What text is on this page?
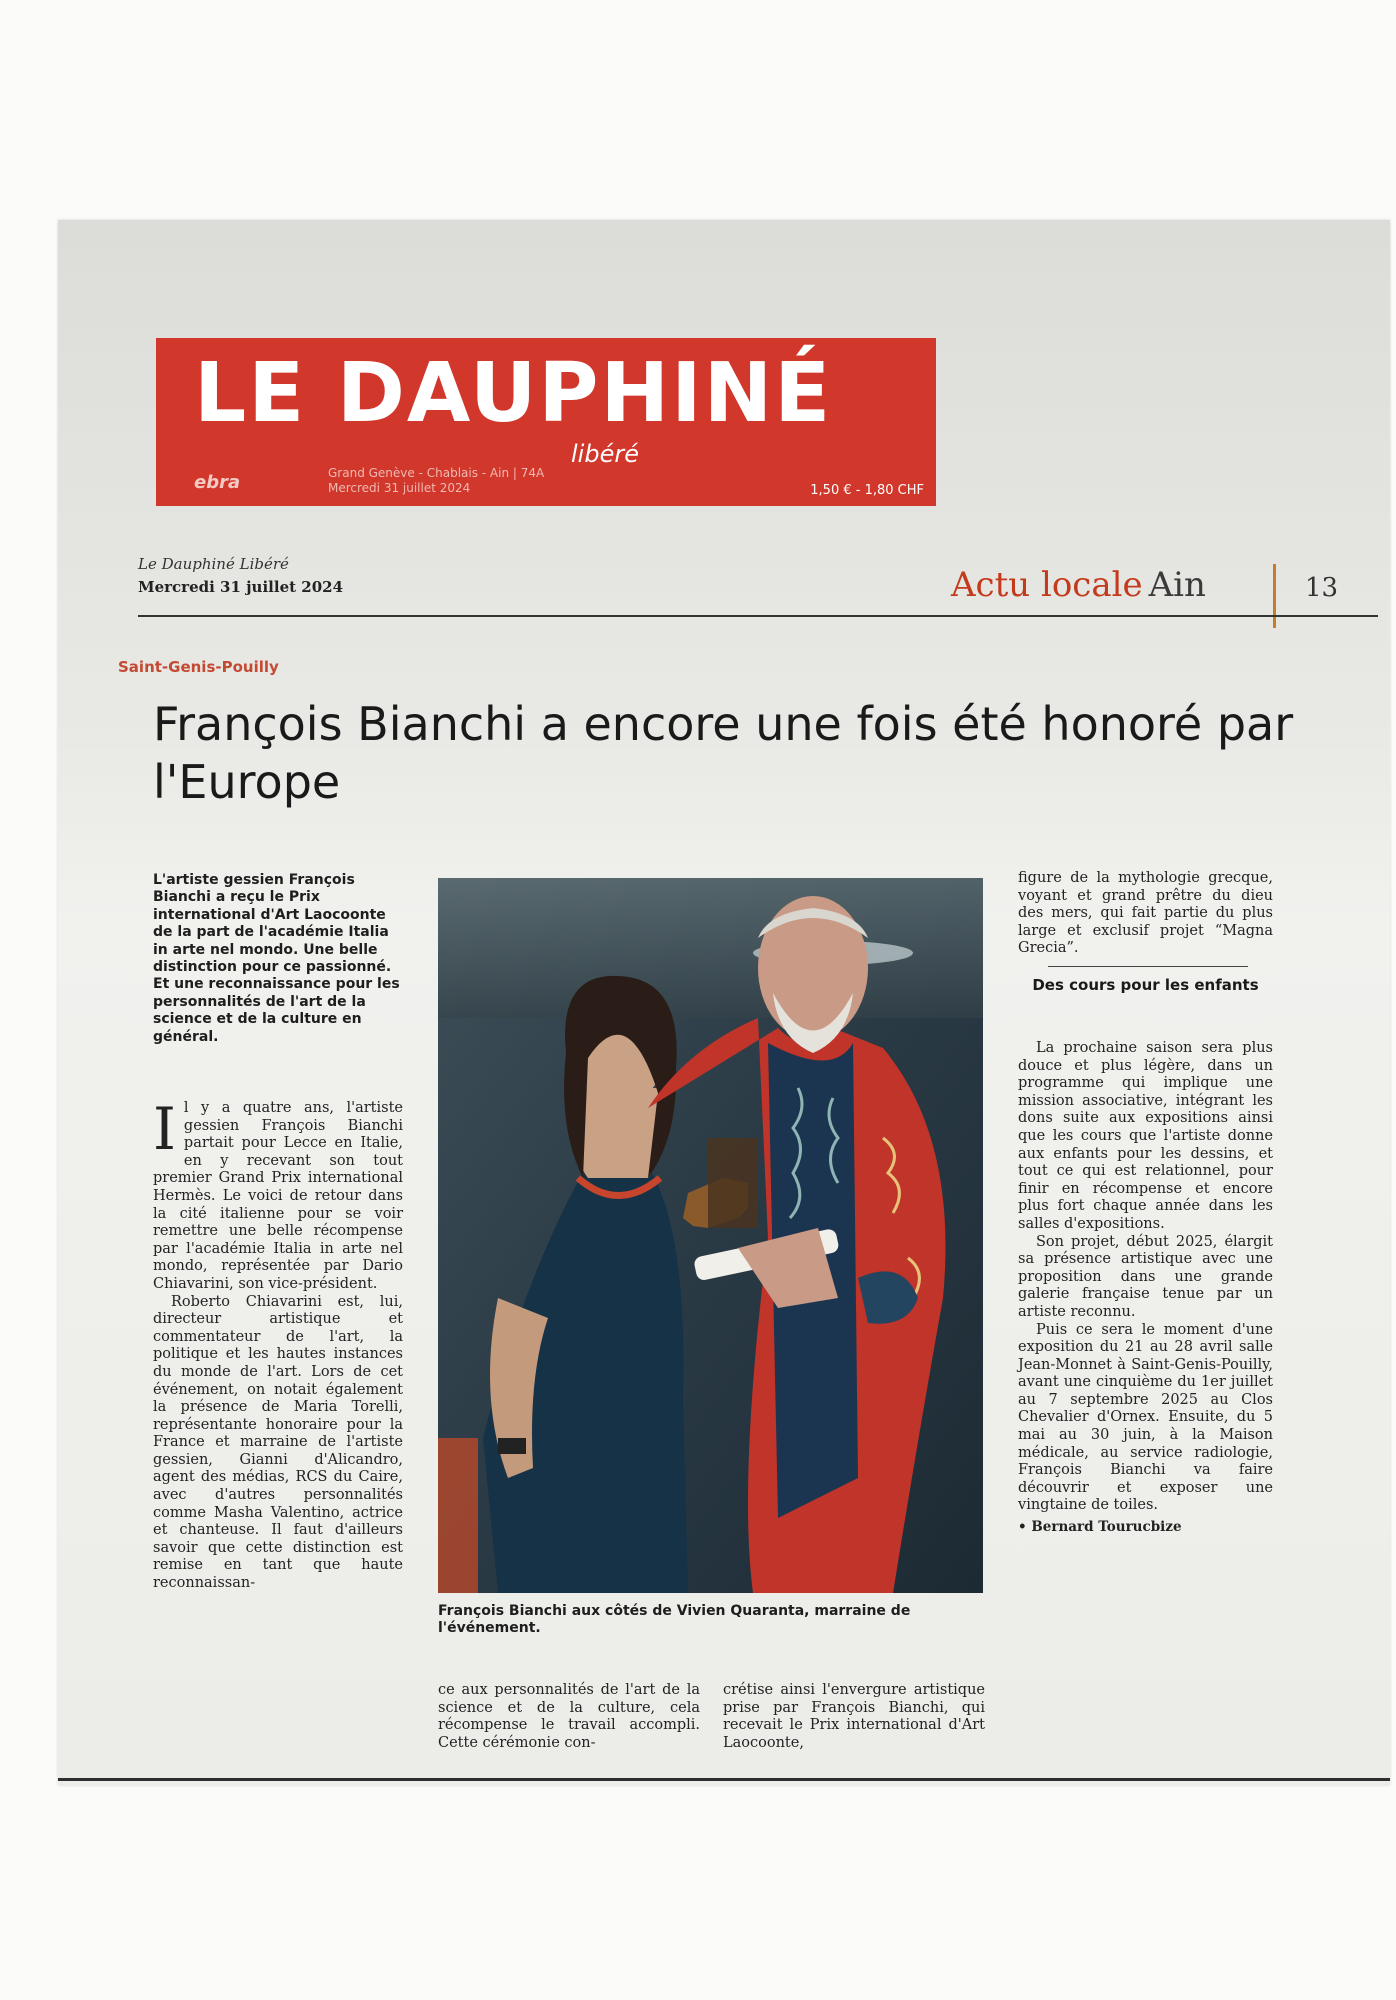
LE DAUPHINÉ
libéré
ebra	Grand Genève - Chablais - Ain | 74A
Mercredi 31 juillet 2024	1,50 € - 1,80 CHF
Le Dauphiné Libéré
Mercredi 31 juillet 2024	Actu locale Ain	13
Saint-Genis-Pouilly
François Bianchi a encore une fois été honoré par l'Europe
L'artiste gessien François Bianchi a reçu le Prix international d'Art Laocoonte de la part de l'académie Italia in arte nel mondo. Une belle distinction pour ce passionné. Et une reconnaissance pour les personnalités de l'art de la science et de la culture en général.
I l y a quatre ans, l'artiste gessien François Bianchi partait pour Lecce en Italie, en y recevant son tout premier Grand Prix international Hermès. Le voici de retour dans la cité italienne pour se voir remettre une belle récompense par l'académie Italia in arte nel mondo, représentée par Dario Chiavarini, son vice-président.

Roberto Chiavarini est, lui, directeur artistique et commentateur de l'art, la politique et les hautes instances du monde de l'art. Lors de cet événement, on notait également la présence de Maria Torelli, représentante honoraire pour la France et marraine de l'artiste gessien, Gianni d'Alicandro, agent des médias, RCS du Caire, avec d'autres personnalités comme Masha Valentino, actrice et chanteuse. Il faut d'ailleurs savoir que cette distinction est remise en tant que haute reconnaissan-

François Bianchi aux côtés de Vivien Quaranta, marraine de l'événement.

ce aux personnalités de l'art de la science et de la culture, cela récompense le travail accompli. Cette cérémonie con-

crétise ainsi l'envergure artistique prise par François Bianchi, qui recevait le Prix international d'Art Laocoonte,

figure de la mythologie grecque, voyant et grand prêtre du dieu des mers, qui fait partie du plus large et exclusif projet “Magna Grecia”.

Des cours pour les enfants

La prochaine saison sera plus douce et plus légère, dans un programme qui implique une mission associative, intégrant les dons suite aux expositions ainsi que les cours que l'artiste donne aux enfants pour les dessins, et tout ce qui est relationnel, pour finir en récompense et encore plus fort chaque année dans les salles d'expositions.

Son projet, début 2025, élargit sa présence artistique avec une proposition dans une grande galerie française tenue par un artiste reconnu.

Puis ce sera le moment d'une exposition du 21 au 28 avril salle Jean-Monnet à Saint-Genis-Pouilly, avant une cinquième du 1er juillet au 7 septembre 2025 au Clos Chevalier d'Ornex. Ensuite, du 5 mai au 30 juin, à la Maison médicale, au service radiologie, François Bianchi va faire découvrir et exposer une vingtaine de toiles.

• Bernard Tourucbize
